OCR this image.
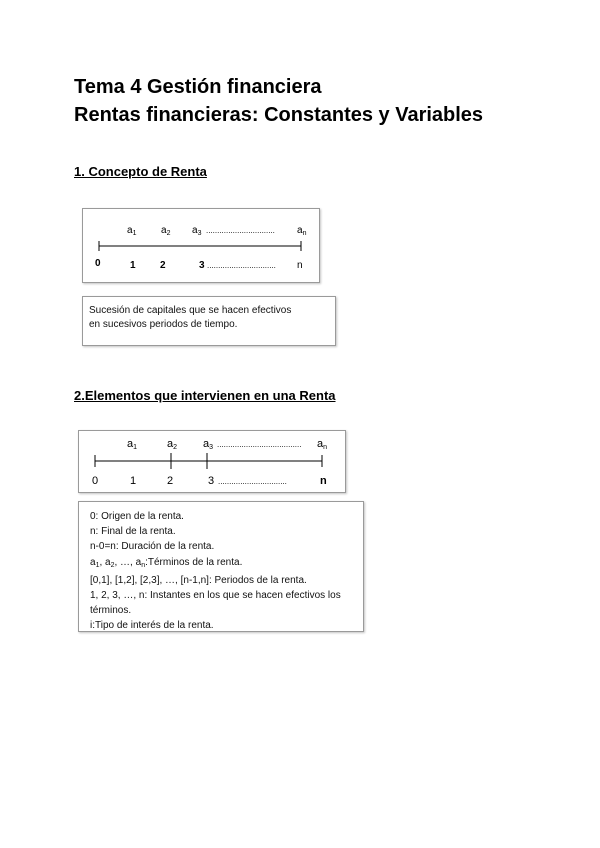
Tema 4 Gestión financiera
Rentas financieras: Constantes y Variables
1. Concepto de Renta
$a_1$ $a_2$ $a_3$ ............................... $a_n$
0	1 2	3 ............................... n
Sucesión de capitales que se hacen efectivos
en sucesivos periodos de tiempo.
2.Elementos que intervienen en una Renta
a1	a2 a3 ...................................... an
0	1	2	3 ...............................	n
0: Origen de la renta.
n: Final de la renta.
n-0=n: Duración de la renta.
$a_1$, $a_2$, …, $a_n:Términos$ de la renta.
[0,1], [1,2], [2,3], …, [n-1,n]: Periodos de la renta.
1, 2, 3, …, n: Instantes en los que se hacen efectivos los
términos.
i:Tipo de interés de la renta.
